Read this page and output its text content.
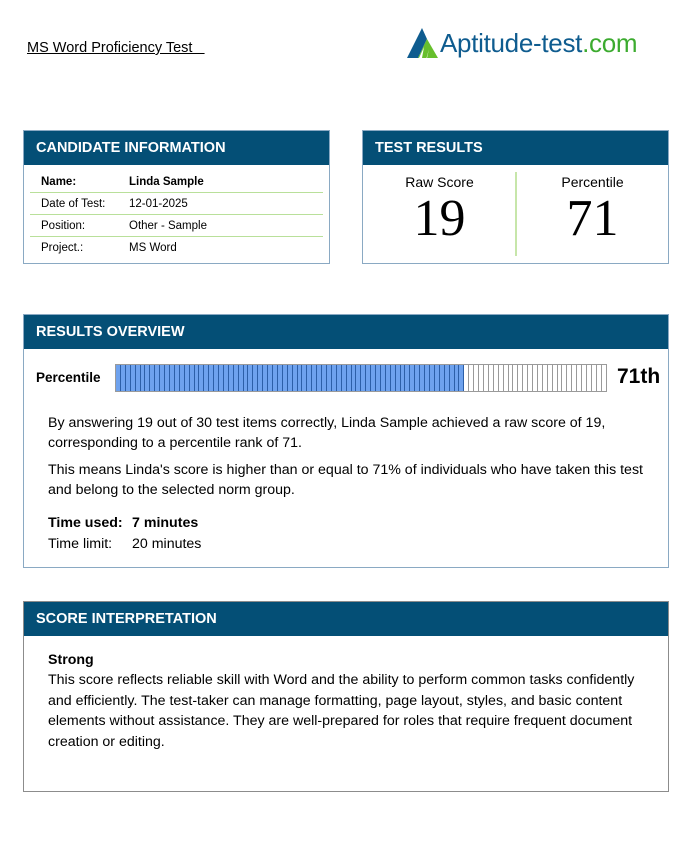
MS Word Proficiency Test	Aptitude-test.com
CANDIDATE INFORMATION
Name:	Linda Sample
Date of Test:	12-01-2025
Position:	Other - Sample
Project.:	MS Word
TEST RESULTS
Raw Score
19
Percentile
71
RESULTS OVERVIEW
Percentile	71th
By answering 19 out of 30 test items correctly, Linda Sample achieved a raw score of 19, corresponding to a percentile rank of 71.
This means Linda's score is higher than or equal to 71% of individuals who have taken this test and belong to the selected norm group.
Time used: 7 minutes
Time limit:	20 minutes
SCORE INTERPRETATION
Strong
This score reflects reliable skill with Word and the ability to perform common tasks confidently and efficiently. The test-taker can manage formatting, page layout, styles, and basic content elements without assistance. They are well-prepared for roles that require frequent document creation or editing.
